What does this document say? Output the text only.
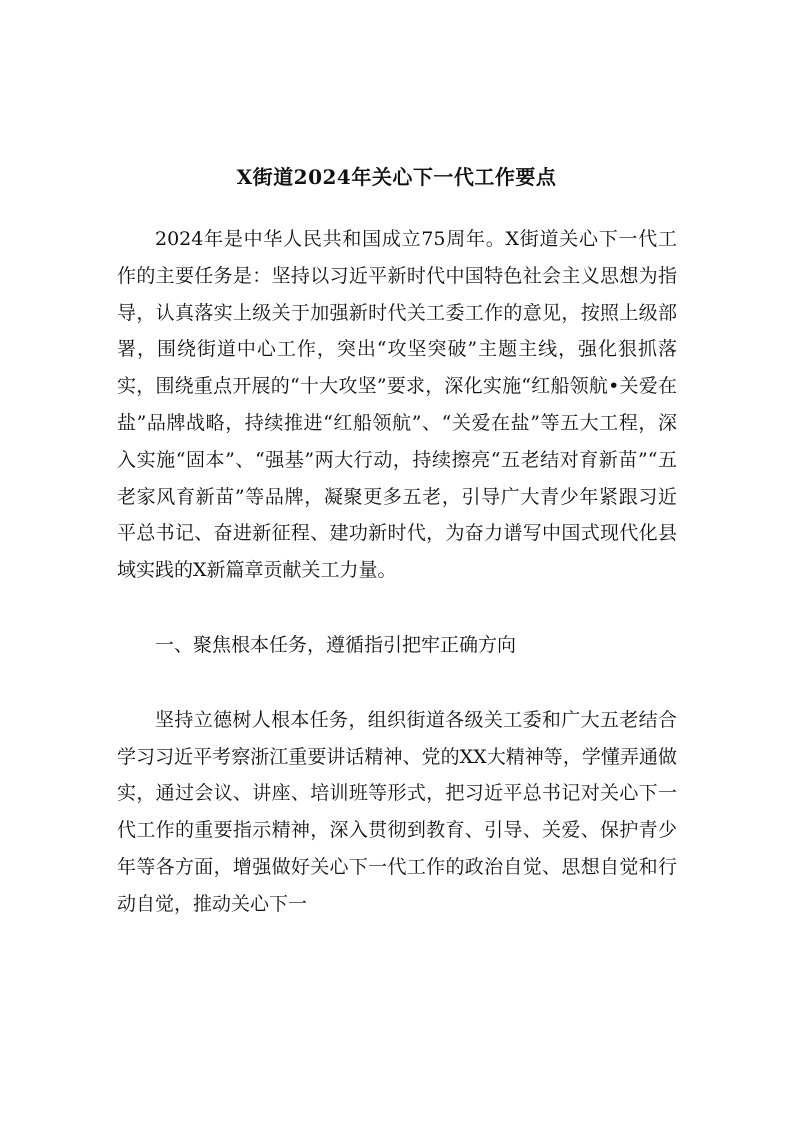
X街道2024年关心下一代工作要点

2024年是中华人民共和国成立75周年。X街道关心下一代工作的主要任务是：坚持以习近平新时代中国特色社会主义思想为指导，认真落实上级关于加强新时代关工委工作的意见，按照上级部署，围绕街道中心工作，突出“攻坚突破”主题主线，强化狠抓落实，围绕重点开展的“十大攻坚”要求，深化实施“红船领航•关爱在盐”品牌战略，持续推进“红船领航”、“关爱在盐”等五大工程，深入实施“固本”、“强基”两大行动，持续擦亮“五老结对育新苗”“五老家风育新苗”等品牌，凝聚更多五老，引导广大青少年紧跟习近平总书记、奋进新征程、建功新时代，为奋力谱写中国式现代化县域实践的X新篇章贡献关工力量。

一、聚焦根本任务，遵循指引把牢正确方向

坚持立德树人根本任务，组织街道各级关工委和广大五老结合学习习近平考察浙江重要讲话精神、党的XX大精神等，学懂弄通做实，通过会议、讲座、培训班等形式，把习近平总书记对关心下一代工作的重要指示精神，深入贯彻到教育、引导、关爱、保护青少年等各方面，增强做好关心下一代工作的政治自觉、思想自觉和行动自觉，推动关心下一
